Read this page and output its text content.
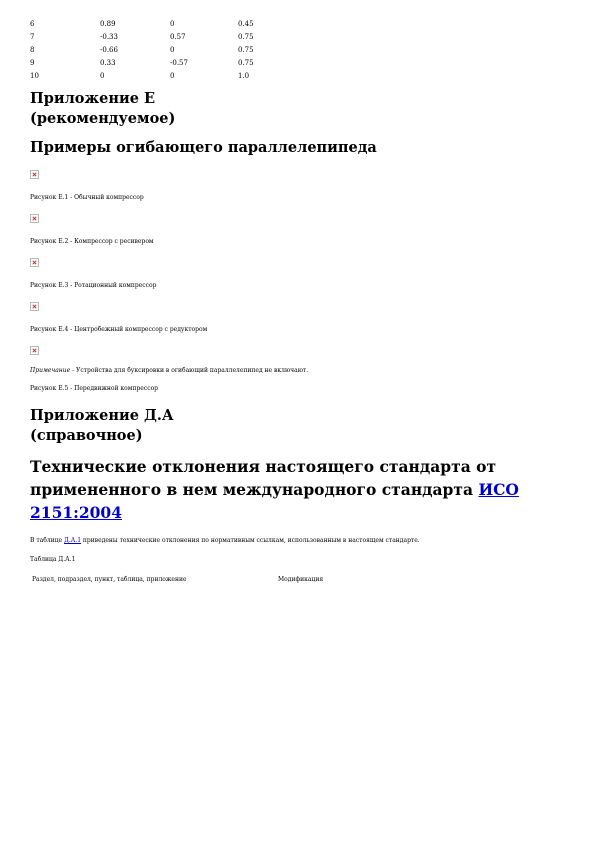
6	0.89	0	0.45
7	-0.33	0.57	0.75
8	-0.66	0	0.75
9	0.33	-0.57	0.75
10	0	0	1.0
Приложение Е
(рекомендуемое)
Примеры огибающего параллелепипеда
Рисунок Е.1 - Обычный компрессор
Рисунок Е.2 - Компрессор с ресивером
Рисунок Е.3 - Ротационный компрессор
Рисунок Е.4 - Центробежный компрессор с редуктором
Примечание - Устройства для буксировки в огибающий параллелепипед не включают.
Рисунок Е.5 - Передвижной компрессор
Приложение Д.А
(справочное)
Технические отклонения настоящего стандарта от примененного в нем международного стандарта ИСО 2151:2004
В таблице Д.А.1 приведены технические отклонения по нормативным ссылкам, использованным в настоящем стандарте.
Таблица Д.А.1
Раздел, подраздел, пункт, таблица, приложение	Модификация
